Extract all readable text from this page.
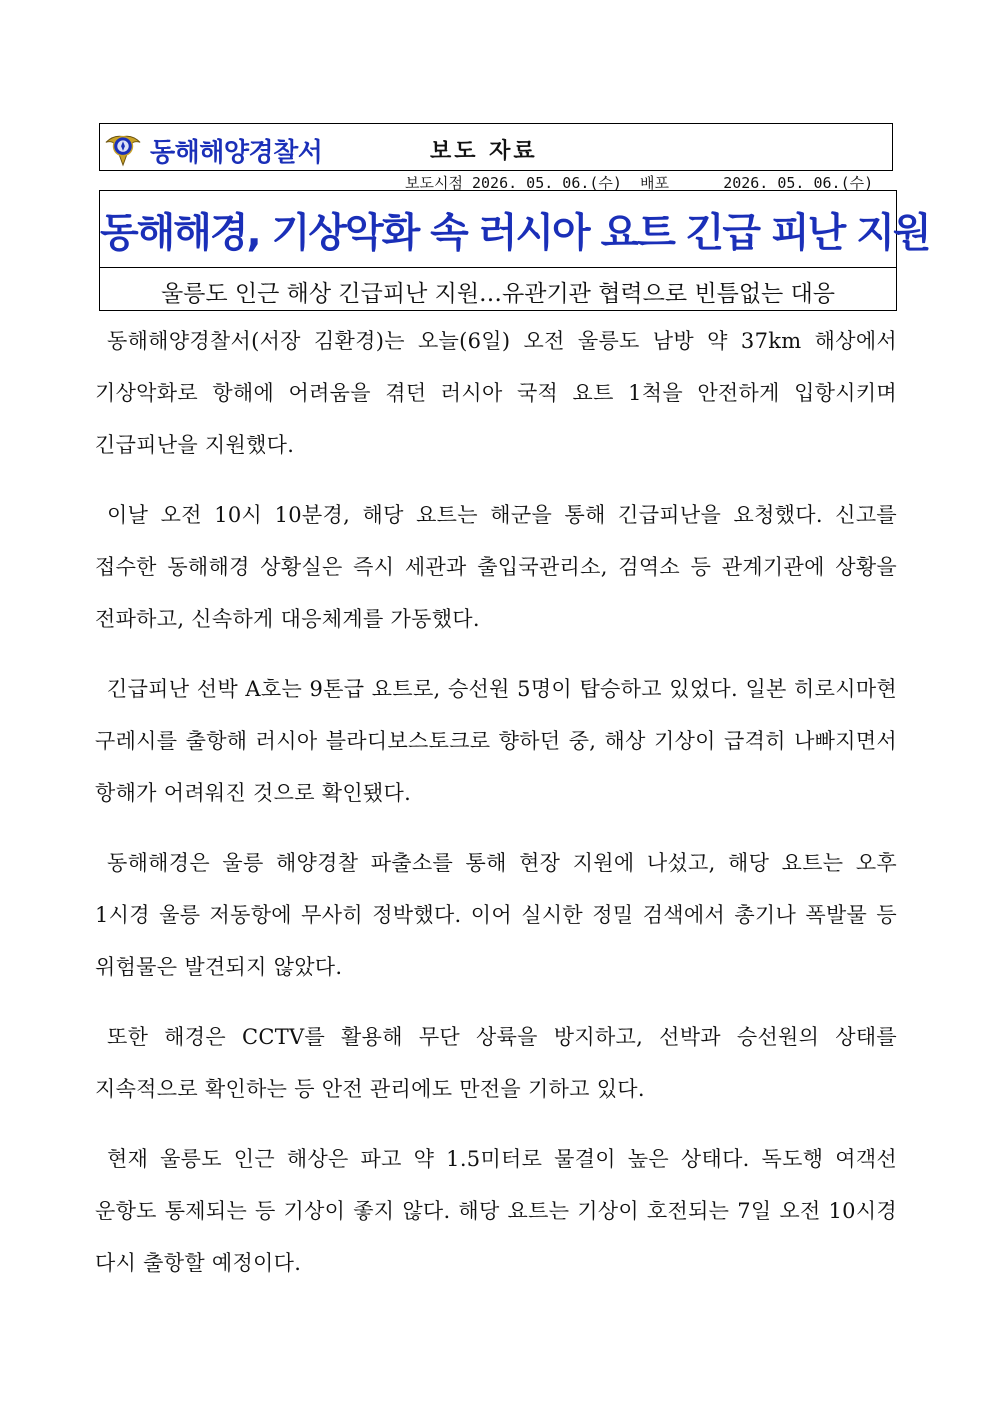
동해해양경찰서	보도 자료
보도시점 2026. 05. 06.(수) 배포	2026. 05. 06.(수)
동해해경, 기상악화 속 러시아 요트 긴급 피난 지원
울릉도 인근 해상 긴급피난 지원…유관기관 협력으로 빈틈없는 대응

동해해양경찰서(서장 김환경)는 오늘(6일) 오전 울릉도 남방 약 37km 해상에서 기상악화로 항해에 어려움을 겪던 러시아 국적 요트 1척을 안전하게 입항시키며 긴급피난을 지원했다.

이날 오전 10시 10분경, 해당 요트는 해군을 통해 긴급피난을 요청했다. 신고를 접수한 동해해경 상황실은 즉시 세관과 출입국관리소, 검역소 등 관계기관에 상황을 전파하고, 신속하게 대응체계를 가동했다.

긴급피난 선박 A호는 9톤급 요트로, 승선원 5명이 탑승하고 있었다. 일본 히로시마현 구레시를 출항해 러시아 블라디보스토크로 향하던 중, 해상 기상이 급격히 나빠지면서 항해가 어려워진 것으로 확인됐다.

동해해경은 울릉 해양경찰 파출소를 통해 현장 지원에 나섰고, 해당 요트는 오후 1시경 울릉 저동항에 무사히 정박했다. 이어 실시한 정밀 검색에서 총기나 폭발물 등 위험물은 발견되지 않았다.

또한 해경은 CCTV를 활용해 무단 상륙을 방지하고, 선박과 승선원의 상태를 지속적으로 확인하는 등 안전 관리에도 만전을 기하고 있다.

현재 울릉도 인근 해상은 파고 약 1.5미터로 물결이 높은 상태다. 독도행 여객선 운항도 통제되는 등 기상이 좋지 않다. 해당 요트는 기상이 호전되는 7일 오전 10시경 다시 출항할 예정이다.
